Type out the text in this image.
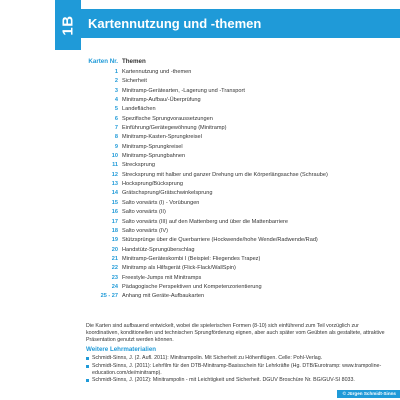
1B Kartennutzung und -themen
Karten Nr. Themen
1 Kartennutzung und -themen
2 Sicherheit
3 Minitramp-Gerätearten, -Lagerung und -Transport
4 Minitramp-Aufbau/-Überprüfung
5 Landeflächen
6 Spezifische Sprungvoraussetzungen
7 Einführung/Gerätegewöhnung (Minitramp)
8 Minitramp-Kasten-Sprungkreisel
9 Minitramp-Sprungkreisel
10 Minitramp-Sprungbahnen
11 Strecksprung
12 Strecksprung mit halber und ganzer Drehung um die Körperlängsachse (Schraube)
13 Hocksprung/Bücksprung
14 Grätschsprung/Grätschwinkelsprung
15 Salto vorwärts (I) - Vorübungen
16 Salto vorwärts (II)
17 Salto vorwärts (III) auf den Mattenberg und über die Mattenbarriere
18 Salto vorwärts (IV)
19 Stützsprünge über die Querbarriere (Hockwende/hohe Wende/Radwende/Rad)
20 Handstütz-Sprungüberschlag
21 Minitramp-Geräteskombi I (Beispiel: Fliegendes Trapez)
22 Minitramp als Hilfsgerät (Flick-Flack/WallSpin)
23 Freestyle-Jumps mit Minitramps
24 Pädagogische Perspektiven und Kompetenzorientierung
25 - 27 Anhang mit Geräte-Aufbaukarten
Die Karten sind aufbauend entwickelt, wobei die spielerischen Formen (8-10) sich einführend zum Teil vorzüglich zur koordinativen, konditionellen und technischen Sprungförderung eignen, aber auch später vom Geübten als gestaltete, attraktive Präsentation genutzt werden können.
Weitere Lehrmaterialien
Schmidt-Sinns, J. (2. Aufl. 2011): Minitrampolin. Mit Sicherheit zu Höhenflügen. Celle: Pohl-Verlag.
Schmidt-Sinns, J. (2011): Lehrfilm für den DTB-Minitramp-Basisschein für Lehrkräfte (Hg. DTB/Eurotramp: www.trampoline-education.com/de/minitramp).
Schmidt-Sinns, J. (2012): Minitrampolin - mit Leichtigkeit und Sicherheit. DGUV Broschüre Nr. BG/GUV-SI 8033.
© Jürgen Schmidt-Sinns
